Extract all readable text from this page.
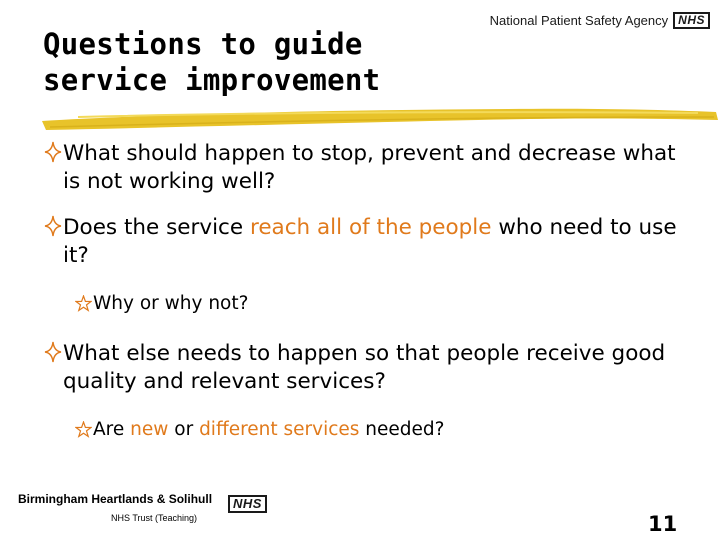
Questions to guide
service improvement
National Patient Safety Agency NHS
What should happen to stop, prevent and decrease what is not working well?
Does the service reach all of the people who need to use it?
Why or why not?
What else needs to happen so that people receive good quality and relevant services?
Are new or different services needed?
Birmingham Heartlands & Solihull
NHS Trust (Teaching)
NHS
11
